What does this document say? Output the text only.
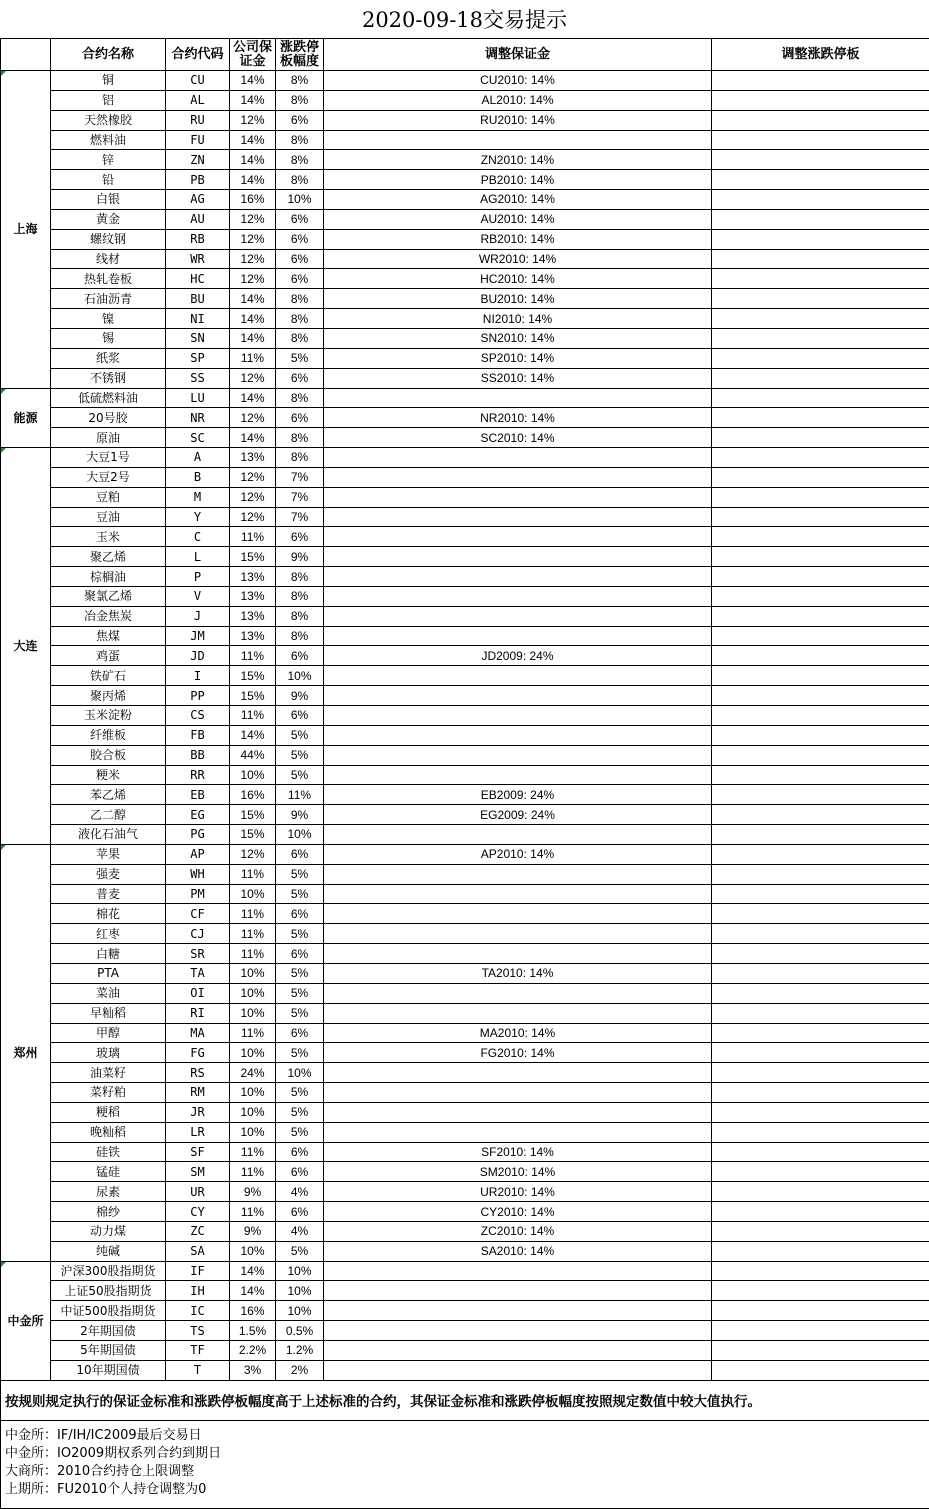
2020-09-18交易提示
	合约名称	合约代码	公司保证金	涨跌停板幅度	调整保证金	调整涨跌停板

上海	铜	CU	14%	8%	CU2010: 14%	
	铝	AL	14%	8%	AL2010: 14%	
	天然橡胶	RU	12%	6%	RU2010: 14%	
	燃料油	FU	14%	8%		
	锌	ZN	14%	8%	ZN2010: 14%	
	铅	PB	14%	8%	PB2010: 14%	
	白银	AG	16%	10%	AG2010: 14%	
	黄金	AU	12%	6%	AU2010: 14%	
	螺纹钢	RB	12%	6%	RB2010: 14%	
	线材	WR	12%	6%	WR2010: 14%	
	热轧卷板	HC	12%	6%	HC2010: 14%	
	石油沥青	BU	14%	8%	BU2010: 14%	
	镍	NI	14%	8%	NI2010: 14%	
	锡	SN	14%	8%	SN2010: 14%	
	纸浆	SP	11%	5%	SP2010: 14%	
	不锈钢	SS	12%	6%	SS2010: 14%	

能源	低硫燃料油	LU	14%	8%		
	20号胶	NR	12%	6%	NR2010: 14%	
	原油	SC	14%	8%	SC2010: 14%	

大连	大豆1号	A	13%	8%		
	大豆2号	B	12%	7%		
	豆粕	M	12%	7%		
	豆油	Y	12%	7%		
	玉米	C	11%	6%		
	聚乙烯	L	15%	9%		
	棕榈油	P	13%	8%		
	聚氯乙烯	V	13%	8%		
	冶金焦炭	J	13%	8%		
	焦煤	JM	13%	8%		
	鸡蛋	JD	11%	6%	JD2009: 24%	
	铁矿石	I	15%	10%		
	聚丙烯	PP	15%	9%		
	玉米淀粉	CS	11%	6%		
	纤维板	FB	14%	5%		
	胶合板	BB	44%	5%		
	粳米	RR	10%	5%		
	苯乙烯	EB	16%	11%	EB2009: 24%	
	乙二醇	EG	15%	9%	EG2009: 24%	
	液化石油气	PG	15%	10%		

郑州	苹果	AP	12%	6%	AP2010: 14%	
	强麦	WH	11%	5%		
	普麦	PM	10%	5%		
	棉花	CF	11%	6%		
	红枣	CJ	11%	5%		
	白糖	SR	11%	6%		
	PTA	TA	10%	5%	TA2010: 14%	
	菜油	OI	10%	5%		
	早籼稻	RI	10%	5%		
	甲醇	MA	11%	6%	MA2010: 14%	
	玻璃	FG	10%	5%	FG2010: 14%	
	油菜籽	RS	24%	10%		
	菜籽粕	RM	10%	5%		
	粳稻	JR	10%	5%		
	晚籼稻	LR	10%	5%		
	硅铁	SF	11%	6%	SF2010: 14%	
	锰硅	SM	11%	6%	SM2010: 14%	
	尿素	UR	9%	4%	UR2010: 14%	
	棉纱	CY	11%	6%	CY2010: 14%	
	动力煤	ZC	9%	4%	ZC2010: 14%	
	纯碱	SA	10%	5%	SA2010: 14%	

中金所	沪深300股指期货	IF	14%	10%		
	上证50股指期货	IH	14%	10%		
	中证500股指期货	IC	16%	10%		
	2年期国债	TS	1.5%	0.5%		
	5年期国债	TF	2.2%	1.2%		
	10年期国债	T	3%	2%		
按规则规定执行的保证金标准和涨跌停板幅度高于上述标准的合约，其保证金标准和涨跌停板幅度按照规定数值中较大值执行。						

中金所：IF/IH/IC2009最后交易日
中金所：IO2009期权系列合约到期日
大商所：2010合约持仓上限调整
上期所：FU2010个人持仓调整为0						
